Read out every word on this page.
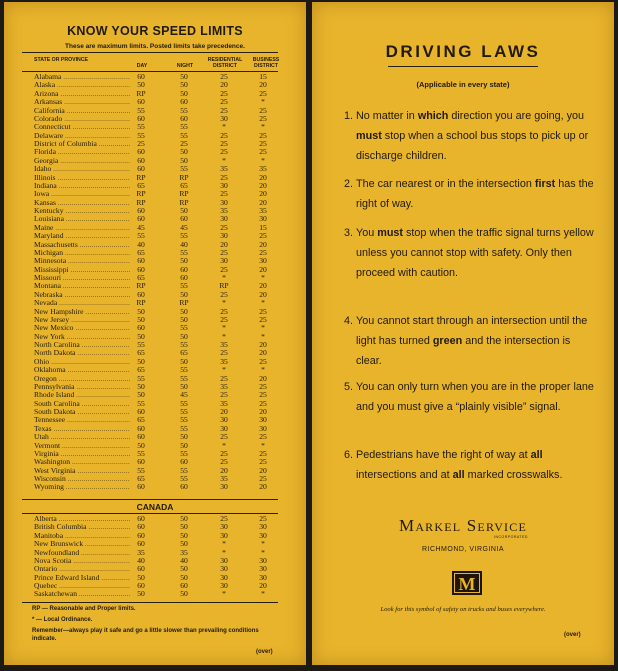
KNOW YOUR SPEED LIMITS
These are maximum limits. Posted limits take precedence.
STATE OR PROVINCE
DAY	NIGHT
RESIDENTIAL DISTRICT
BUSINESS DISTRICT
Alabama .....	60	50	25	15
Alaska .....	50	50	20	20
Arizona .....	RP	50	25	25
Arkansas .....	60	60	25	*
California .....	55	55	25	25
Colorado .....	60	60	30	25
Connecticut .....	55	55	*	*
Delaware .....	55	55	25	25
District of Columbia .....	25	25	25	25
Florida .....	60	50	25	25
Georgia .....	60	50	*	*
Idaho .....	60	55	35	35
Illinois .....	RP	RP	25	20
Indiana .....	65	65	30	20
Iowa .....	RP	RP	25	20
Kansas .....	RP	RP	30	20
Kentucky .....	60	50	35	35
Louisiana .....	60	60	30	30
Maine .....	45	45	25	15
Maryland .....	55	55	30	25
Massachusetts .....	40	40	20	20
Michigan .....	65	55	25	25
Minnesota .....	60	50	30	30
Mississippi .....	60	60	25	20
Missouri .....	65	60	*	*
Montana .....	RP	55	RP	20
Nebraska .....	60	50	25	20
Nevada .....	RP	RP	*	*
New Hampshire .....	50	50	25	25
New Jersey .....	50	50	25	25
New Mexico .....	60	55	*	*
New York .....	50	50	*	*
North Carolina .....	55	55	35	20
North Dakota .....	65	65	25	20
Ohio .....	50	50	35	25
Oklahoma .....	65	55	*	*
Oregon .....	55	55	25	20
Pennsylvania .....	50	50	35	25
Rhode Island .....	50	45	25	25
South Carolina .....	55	55	35	25
South Dakota .....	60	55	20	20
Tennessee .....	65	55	30	30
Texas .....	60	55	30	30
Utah .....	60	50	25	25
Vermont .....	50	50	*	*
Virginia .....	55	55	25	25
Washington .....	60	60	25	25
West Virginia .....	55	55	20	20
Wisconsin .....	65	55	35	25
Wyoming .....	60	60	30	20
CANADA
Alberta .....	60	50	25	25
British Columbia .....	60	50	30	30
Manitoba .....	60	50	30	30
New Brunswick .....	60	50	*	*
Newfoundland .....	35	35	*	*
Nova Scotia .....	40	40	30	30
Ontario .....	60	50	30	30
Prince Edward Island .....	50	50	30	30
Quebec .....	60	60	30	20
Saskatchewan .....	50	50	*	*
RP — Reasonable and Proper limits.
* — Local Ordinance.
Remember—always play it safe and go a little slower than prevailing conditions indicate.
(over)
DRIVING LAWS
(Applicable in every state)
1. No matter in which direction you are going, you must stop when a school bus stops to pick up or discharge children.
2. The car nearest or in the intersection first has the right of way.
3. You must stop when the traffic signal turns yellow unless you cannot stop with safety. Only then proceed with caution.
4. You cannot start through an intersection until the light has turned green and the intersection is clear.
5. You can only turn when you are in the proper lane and you must give a “plainly visible” signal.
6. Pedestrians have the right of way at all intersections and at all marked crosswalks.
Markel Service
INCORPORATED
RICHMOND, VIRGINIA
M
Look for this symbol of safety on trucks and buses everywhere.
(over)
